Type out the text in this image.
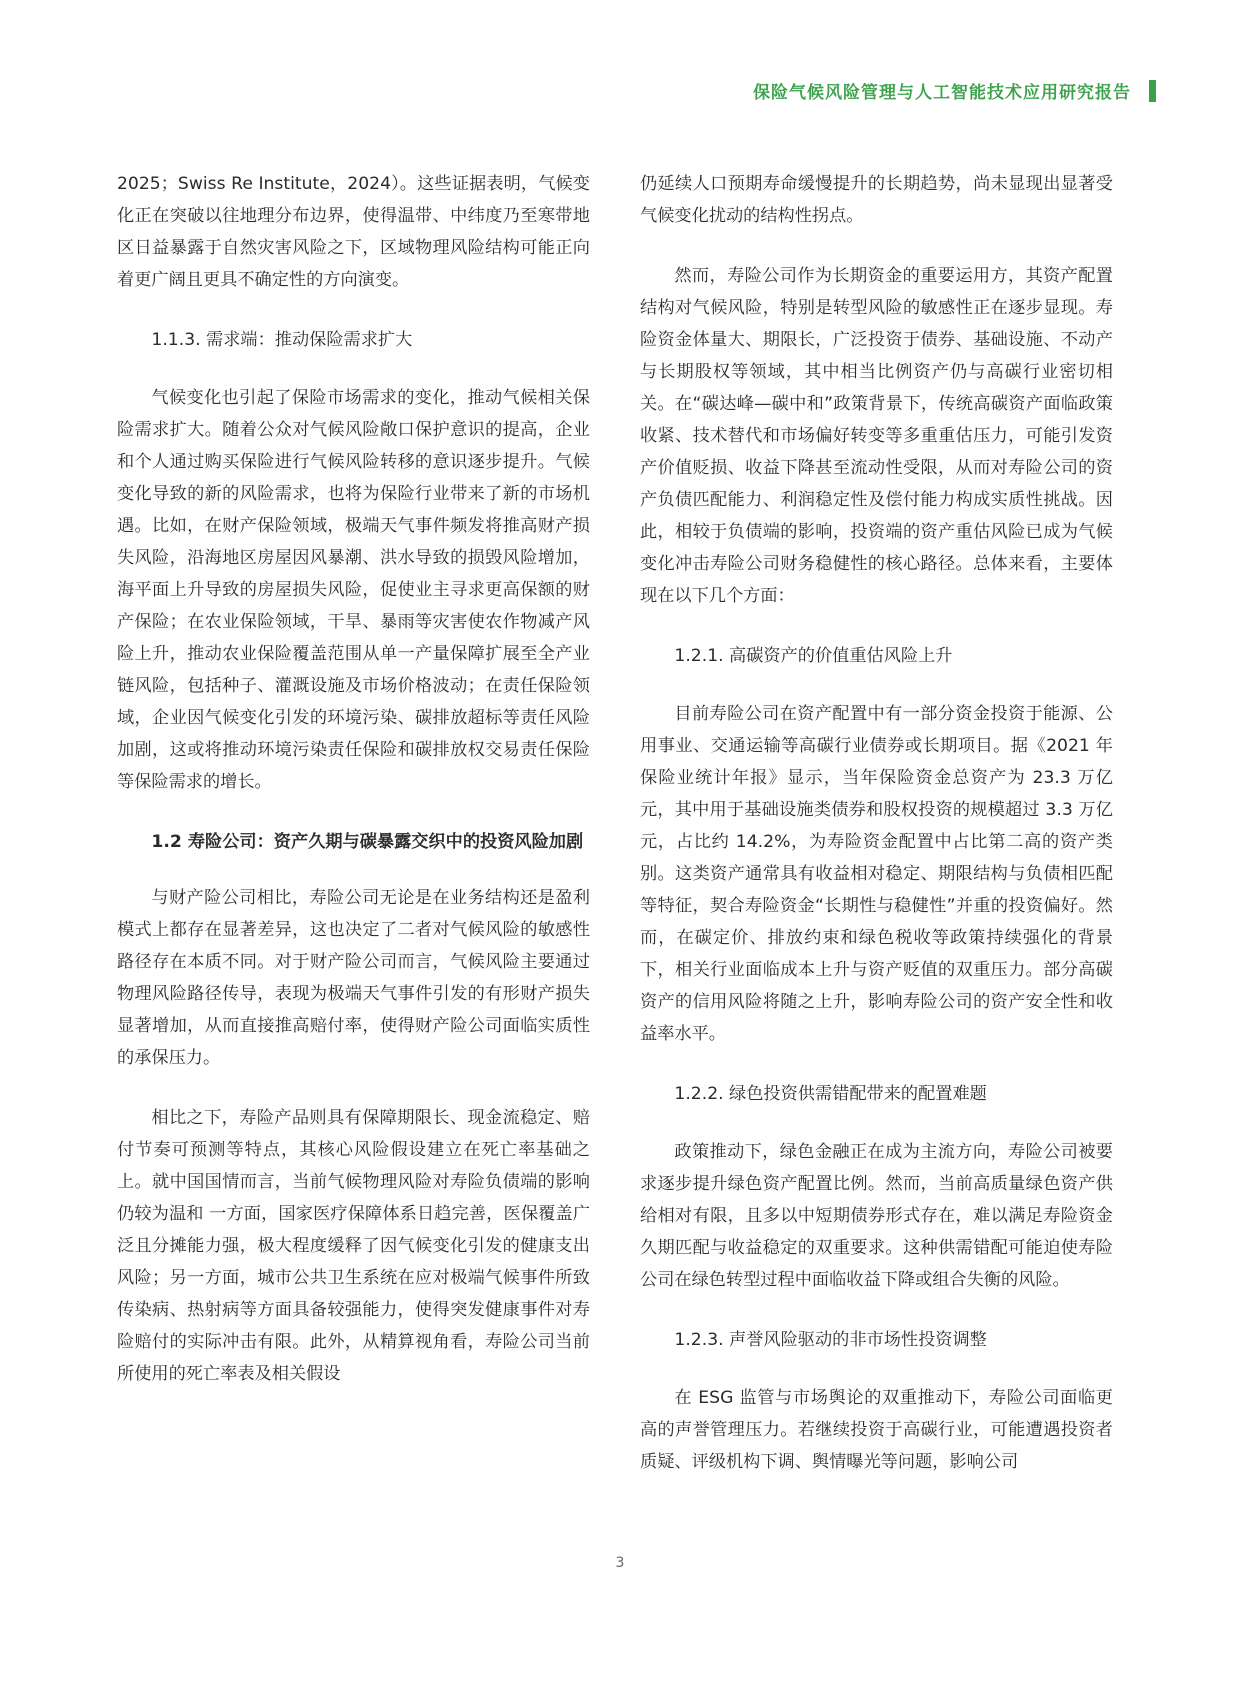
保险气候风险管理与人工智能技术应用研究报告

2025；Swiss Re Institute，2024）。这些证据表明，气候变化正在突破以往地理分布边界，使得温带、中纬度乃至寒带地区日益暴露于自然灾害风险之下，区域物理风险结构可能正向着更广阔且更具不确定性的方向演变。

1.1.3. 需求端：推动保险需求扩大

气候变化也引起了保险市场需求的变化，推动气候相关保险需求扩大。随着公众对气候风险敞口保护意识的提高，企业和个人通过购买保险进行气候风险转移的意识逐步提升。气候变化导致的新的风险需求，也将为保险行业带来了新的市场机遇。比如，在财产保险领域，极端天气事件频发将推高财产损失风险，沿海地区房屋因风暴潮、洪水导致的损毁风险增加，海平面上升导致的房屋损失风险，促使业主寻求更高保额的财产保险；在农业保险领域，干旱、暴雨等灾害使农作物减产风险上升，推动农业保险覆盖范围从单一产量保障扩展至全产业链风险，包括种子、灌溉设施及市场价格波动；在责任保险领域，企业因气候变化引发的环境污染、碳排放超标等责任风险加剧，这或将推动环境污染责任保险和碳排放权交易责任保险等保险需求的增长。

1.2 寿险公司：资产久期与碳暴露交织中的投资风险加剧

与财产险公司相比，寿险公司无论是在业务结构还是盈利模式上都存在显著差异，这也决定了二者对气候风险的敏感性路径存在本质不同。对于财产险公司而言，气候风险主要通过物理风险路径传导，表现为极端天气事件引发的有形财产损失显著增加，从而直接推高赔付率，使得财产险公司面临实质性的承保压力。

相比之下，寿险产品则具有保障期限长、现金流稳定、赔付节奏可预测等特点，其核心风险假设建立在死亡率基础之上。就中国国情而言，当前气候物理风险对寿险负债端的影响仍较为温和 一方面，国家医疗保障体系日趋完善，医保覆盖广泛且分摊能力强，极大程度缓释了因气候变化引发的健康支出风险；另一方面，城市公共卫生系统在应对极端气候事件所致传染病、热射病等方面具备较强能力，使得突发健康事件对寿险赔付的实际冲击有限。此外，从精算视角看，寿险公司当前所使用的死亡率表及相关假设

仍延续人口预期寿命缓慢提升的长期趋势，尚未显现出显著受气候变化扰动的结构性拐点。

然而，寿险公司作为长期资金的重要运用方，其资产配置结构对气候风险，特别是转型风险的敏感性正在逐步显现。寿险资金体量大、期限长，广泛投资于债券、基础设施、不动产与长期股权等领域，其中相当比例资产仍与高碳行业密切相关。在“碳达峰—碳中和”政策背景下，传统高碳资产面临政策收紧、技术替代和市场偏好转变等多重重估压力，可能引发资产价值贬损、收益下降甚至流动性受限，从而对寿险公司的资产负债匹配能力、利润稳定性及偿付能力构成实质性挑战。因此，相较于负债端的影响，投资端的资产重估风险已成为气候变化冲击寿险公司财务稳健性的核心路径。总体来看，主要体现在以下几个方面：

1.2.1. 高碳资产的价值重估风险上升

目前寿险公司在资产配置中有一部分资金投资于能源、公用事业、交通运输等高碳行业债券或长期项目。据《2021 年保险业统计年报》显示，当年保险资金总资产为 23.3 万亿元，其中用于基础设施类债券和股权投资的规模超过 3.3 万亿元，占比约 14.2%，为寿险资金配置中占比第二高的资产类别。这类资产通常具有收益相对稳定、期限结构与负债相匹配等特征，契合寿险资金“长期性与稳健性”并重的投资偏好。然而，在碳定价、排放约束和绿色税收等政策持续强化的背景下，相关行业面临成本上升与资产贬值的双重压力。部分高碳资产的信用风险将随之上升，影响寿险公司的资产安全性和收益率水平。

1.2.2. 绿色投资供需错配带来的配置难题

政策推动下，绿色金融正在成为主流方向，寿险公司被要求逐步提升绿色资产配置比例。然而，当前高质量绿色资产供给相对有限，且多以中短期债券形式存在，难以满足寿险资金久期匹配与收益稳定的双重要求。这种供需错配可能迫使寿险公司在绿色转型过程中面临收益下降或组合失衡的风险。

1.2.3. 声誉风险驱动的非市场性投资调整

在 ESG 监管与市场舆论的双重推动下，寿险公司面临更高的声誉管理压力。若继续投资于高碳行业，可能遭遇投资者质疑、评级机构下调、舆情曝光等问题，影响公司

3
